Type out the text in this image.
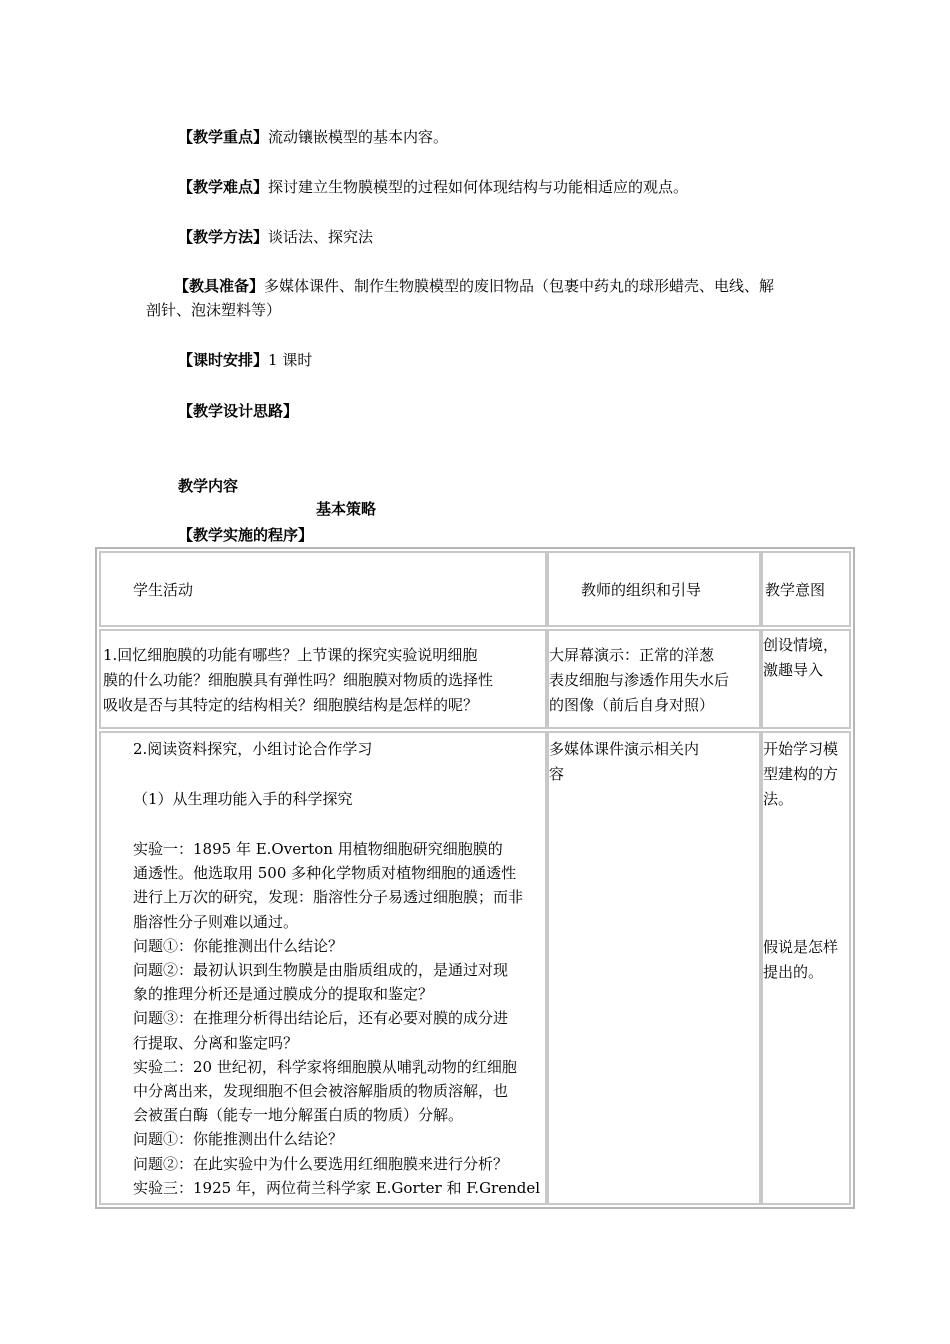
【教学重点】流动镶嵌模型的基本内容。
【教学难点】探讨建立生物膜模型的过程如何体现结构与功能相适应的观点。
【教学方法】谈话法、探究法
【教具准备】多媒体课件、制作生物膜模型的废旧物品（包裹中药丸的球形蜡壳、电线、解
剖针、泡沫塑料等）
【课时安排】1 课时
【教学设计思路】
教学内容
基本策略
【教学实施的程序】
学生活动	教师的组织和引导	教学意图
1.回忆细胞膜的功能有哪些？上节课的探究实验说明细胞
膜的什么功能？细胞膜具有弹性吗？细胞膜对物质的选择性
吸收是否与其特定的结构相关？细胞膜结构是怎样的呢？
大屏幕演示：正常的洋葱
表皮细胞与渗透作用失水后
的图像（前后自身对照）
创设情境，
激趣导入
2.阅读资料探究，小组讨论合作学习
（1）从生理功能入手的科学探究
实验一：1895 年 E.Overton 用植物细胞研究细胞膜的
通透性。他选取用 500 多种化学物质对植物细胞的通透性
进行上万次的研究，发现：脂溶性分子易透过细胞膜；而非
脂溶性分子则难以通过。
问题①：你能推测出什么结论？
问题②：最初认识到生物膜是由脂质组成的，是通过对现
象的推理分析还是通过膜成分的提取和鉴定？
问题③：在推理分析得出结论后，还有必要对膜的成分进
行提取、分离和鉴定吗？
实验二：20 世纪初，科学家将细胞膜从哺乳动物的红细胞
中分离出来，发现细胞不但会被溶解脂质的物质溶解，也
会被蛋白酶（能专一地分解蛋白质的物质）分解。
问题①：你能推测出什么结论？
问题②：在此实验中为什么要选用红细胞膜来进行分析？
实验三：1925 年，两位荷兰科学家 E.Gorter 和 F.Grendel
多媒体课件演示相关内
容
开始学习模
型建构的方
法。
假说是怎样
提出的。
